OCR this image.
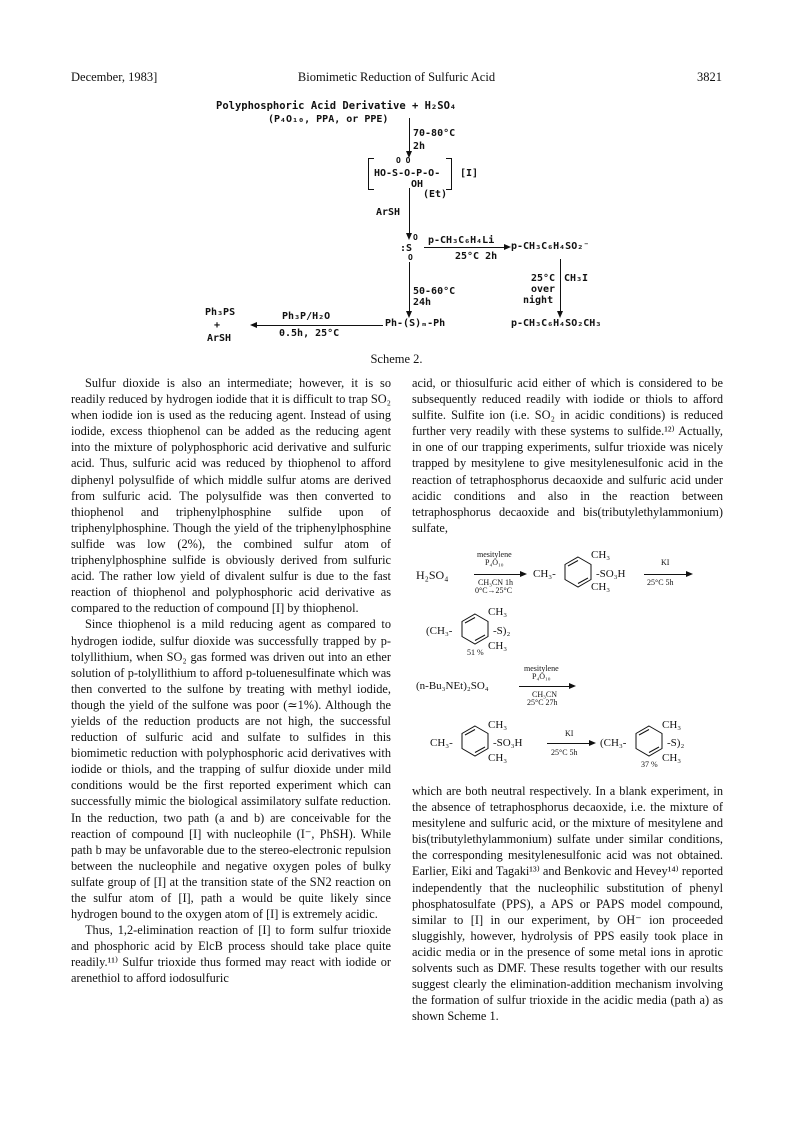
December, 1983]	Biomimetic Reduction of Sulfuric Acid	3821
Polyphosphoric Acid Derivative + H₂SO₄
(P₄O₁₀, PPA, or PPE)
70-80°C
2h
O O
HO-S-O-P-O-
OH
(Et)
[I]
ArSH
O
:S
O
p-CH₃C₆H₄Li
25°C 2h
p-CH₃C₆H₄SO₂⁻
25°C
over
night
CH₃I
p-CH₃C₆H₄SO₂CH₃
50-60°C
24h
Ph-(S)ₘ-Ph
Ph₃P/H₂O
0.5h, 25°C
Ph₃PS
+
ArSH
Scheme 2.

Sulfur dioxide is also an intermediate; however, it is so readily reduced by hydrogen iodide that it is difficult to trap SO₂ when iodide ion is used as the reducing agent. Instead of using iodide, excess thiophenol can be added as the reducing agent into the mixture of polyphosphoric acid derivative and sulfuric acid. Thus, sulfuric acid was reduced by thiophenol to afford diphenyl polysulfide of which middle sulfur atoms are derived from sulfuric acid. The polysulfide was then converted to thiophenol and triphenylphosphine sulfide upon of triphenylphosphine. Though the yield of the triphenylphosphine sulfide was low (2%), the combined sulfur atom of triphenylphosphine sulfide is obviously derived from sulfuric acid. The rather low yield of divalent sulfur is due to the fast reaction of thiophenol and polyphosphoric acid derivative as compared to the reduction of compound [I] by thiophenol.

Since thiophenol is a mild reducing agent as compared to hydrogen iodide, sulfur dioxide was successfully trapped by p-tolyllithium, when SO₂ gas formed was driven out into an ether solution of p-tolyllithium to afford p-toluenesulfinate which was then converted to the sulfone by treating with methyl iodide, though the yield of the sulfone was poor (≃1%). Although the yields of the reduction products are not high, the successful reduction of sulfuric acid and sulfate to sulfides in this biomimetic reduction with polyphosphoric acid derivatives with iodide or thiols, and the trapping of sulfur dioxide under mild conditions would be the first reported experiment which can successfully mimic the biological assimilatory sulfate reduction. In the reduction, two path (a and b) are conceivable for the reaction of compound [I] with nucleophile (I⁻, PhSH). While path b may be unfavorable due to the stereo-electronic repulsion between the nucleophile and negative oxygen poles of bulky sulfate group of [I] at the transition state of the SN2 reaction on the sulfur atom of [I], path a would be quite likely since hydrogen bound to the oxygen atom of [I] is extremely acidic.

Thus, 1,2-elimination reaction of [I] to form sulfur trioxide and phosphoric acid by ElcB process should take place quite readily.¹¹⁾ Sulfur trioxide thus formed may react with iodide or arenethiol to afford iodosulfuric

acid, or thiosulfuric acid either of which is considered to be subsequently reduced readily with iodide or thiols to afford sulfite. Sulfite ion (i.e. SO₂ in acidic conditions) is reduced further very readily with these systems to sulfide.¹²⁾ Actually, in one of our trapping experiments, sulfur trioxide was nicely trapped by mesitylene to give mesitylenesulfonic acid in the reaction of tetraphosphorus decaoxide and sulfuric acid under acidic conditions and also in the reaction between tetraphosphorus decaoxide and bis(tributylethylammonium) sulfate,

H₂SO₄
mesitylene
P₄O₁₀
CH₃CN 1h
0°C→25°C
CH₃-
CH₃
CH₃
-SO₃H
KI
25°C 5h
(CH₃-
CH₃
CH₃
-S)₂
51 %
(n-Bu₃NEt)₂SO₄
mesitylene
P₄O₁₀
CH₃CN
25°C 27h
CH₃-
CH₃
CH₃
-SO₃H
KI
25°C 5h
(CH₃-
CH₃
CH₃
-S)₂
37 %

which are both neutral respectively. In a blank experiment, in the absence of tetraphosphorus decaoxide, i.e. the mixture of mesitylene and sulfuric acid, or the mixture of mesitylene and bis(tributylethylammonium) sulfate under similar conditions, the corresponding mesitylenesulfonic acid was not obtained. Earlier, Eiki and Tagaki¹³⁾ and Benkovic and Hevey¹⁴⁾ reported independently that the nucleophilic substitution of phenyl phosphatosulfate (PPS), a APS or PAPS model compound, similar to [I] in our experiment, by OH⁻ ion proceeded sluggishly, however, hydrolysis of PPS easily took place in acidic media or in the presence of some metal ions in aprotic solvents such as DMF. These results together with our results suggest clearly the elimination-addition mechanism involving the formation of sulfur trioxide in the acidic media (path a) as shown Scheme 1.
